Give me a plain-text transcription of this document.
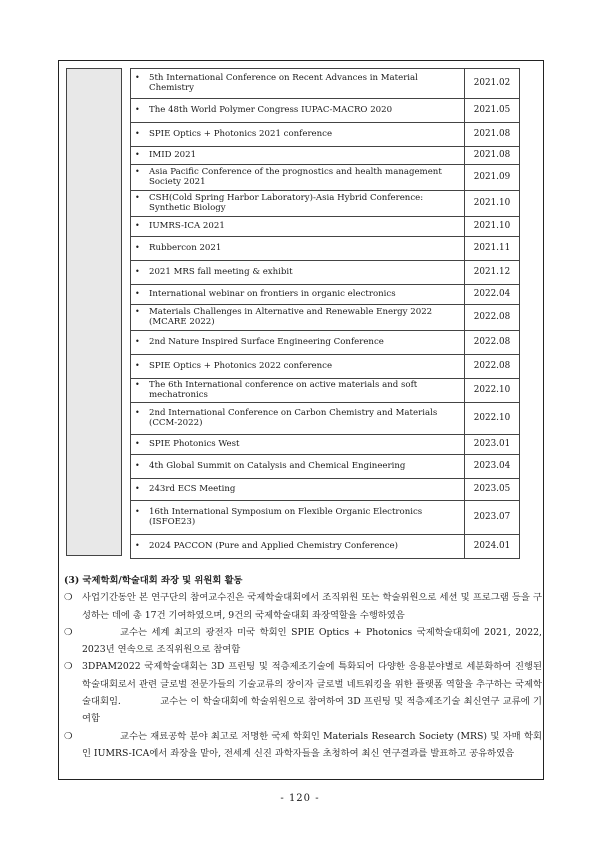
• 5th International Conference on Recent Advances in Material Chemistry	2021.02
• The 48th World Polymer Congress IUPAC-MACRO 2020	2021.05
• SPIE Optics + Photonics 2021 conference	2021.08
• IMID 2021	2021.08
• Asia Pacific Conference of the prognostics and health management Society 2021	2021.09
• CSH(Cold Spring Harbor Laboratory)-Asia Hybrid Conference: Synthetic Biology	2021.10
• IUMRS-ICA 2021	2021.10
• Rubbercon 2021	2021.11
• 2021 MRS fall meeting & exhibit	2021.12
• International webinar on frontiers in organic electronics	2022.04
• Materials Challenges in Alternative and Renewable Energy 2022 (MCARE 2022)	2022.08
• 2nd Nature Inspired Surface Engineering Conference	2022.08
• SPIE Optics + Photonics 2022 conference	2022.08
• The 6th International conference on active materials and soft mechatronics	2022.10
• 2nd International Conference on Carbon Chemistry and Materials (CCM-2022)	2022.10
• SPIE Photonics West	2023.01
• 4th Global Summit on Catalysis and Chemical Engineering	2023.04
• 243rd ECS Meeting	2023.05
• 16th International Symposium on Flexible Organic Electronics (ISFOE23)	2023.07
• 2024 PACCON (Pure and Applied Chemistry Conference)	2024.01
(3) 국제학회/학술대회 좌장 및 위원회 활동
❍	사업기간동안 본 연구단의 참여교수진은 국제학술대회에서 조직위원 또는 학술위원으로 세션 및 프로그램 등을 구성하는 데에 총 17건 기여하였으며, 9건의 국제학술대회 좌장역할을 수행하였음
❍	교수는 세계 최고의 광전자 미국 학회인 SPIE Optics + Photonics 국제학술대회에 2021, 2022, 2023년 연속으로 조직위원으로 참여함
❍	3DPAM2022 국제학술대회는 3D 프린팅 및 적층제조기술에 특화되어 다양한 응용분야별로 세분화하여 진행된 학술대회로서 관련 글로벌 전문가들의 기술교류의 장이자 글로벌 네트워킹을 위한 플랫폼 역할을 추구하는 국제학술대회임.            교수는 이 학술대회에 학술위원으로 참여하여 3D 프린팅 및 적층제조기술 최신연구 교류에 기여함
❍	교수는 재료공학 분야 최고로 저명한 국제 학회인 Materials Research Society (MRS) 및 자매 학회인 IUMRS-ICA에서 좌장을 맡아, 전세계 신진 과학자들을 초청하여 최신 연구결과를 발표하고 공유하였음
- 120 -
